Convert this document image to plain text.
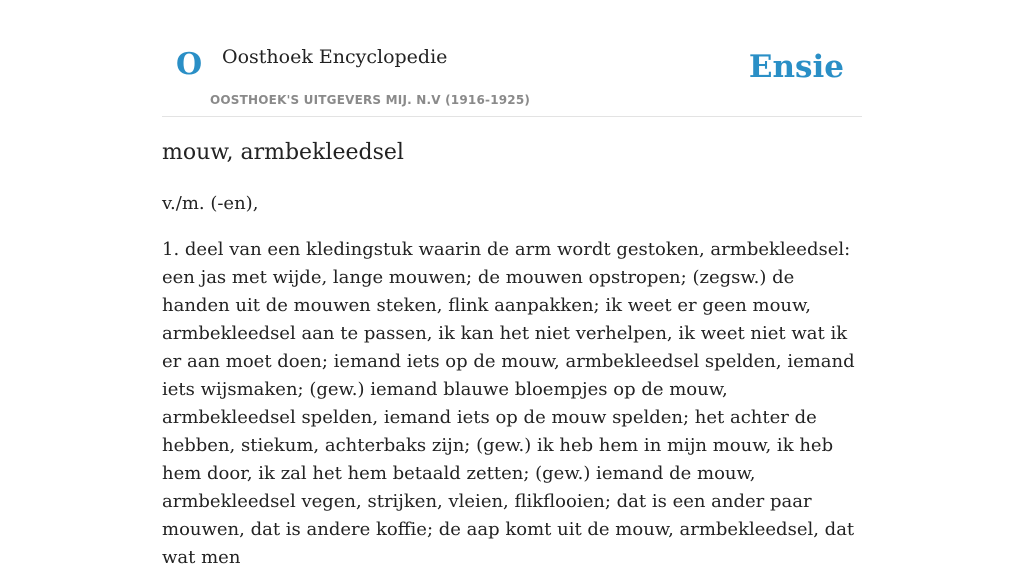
O Oosthoek Encyclopedie
OOSTHOEK'S UITGEVERS MIJ. N.V (1916-1925)
Ensie
mouw, armbekleedsel

v./m. (-en),

1. deel van een kledingstuk waarin de arm wordt gestoken, armbekleedsel: een jas met wijde, lange mouwen; de mouwen opstropen; (zegsw.) de handen uit de mouwen steken, flink aanpakken; ik weet er geen mouw, armbekleedsel aan te passen, ik kan het niet verhelpen, ik weet niet wat ik er aan moet doen; iemand iets op de mouw, armbekleedsel spelden, iemand iets wijsmaken; (gew.) iemand blauwe bloempjes op de mouw, armbekleedsel spelden, iemand iets op de mouw spelden; het achter de hebben, stiekum, achterbaks zijn; (gew.) ik heb hem in mijn mouw, ik heb hem door, ik zal het hem betaald zetten; (gew.) iemand de mouw, armbekleedsel vegen, strijken, vleien, flikflooien; dat is een ander paar mouwen, dat is andere koffie; de aap komt uit de mouw, armbekleedsel, dat wat men
